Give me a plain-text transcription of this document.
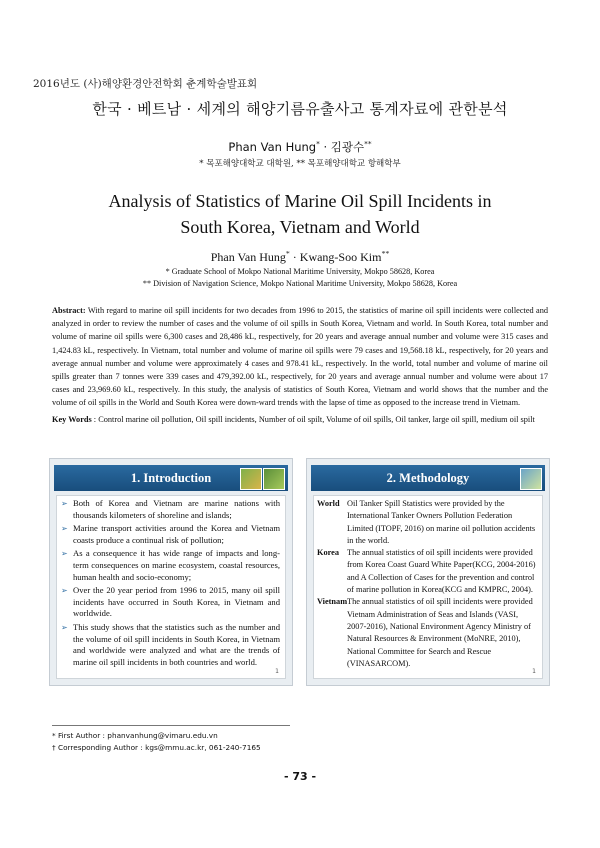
2016년도 (사)해양환경안전학회 춘계학술발표회
한국 · 베트남 · 세계의 해양기름유출사고 통계자료에 관한분석
Phan Van Hung* · 김광수**
* 목포해양대학교 대학원, ** 목포해양대학교 항해학부
Analysis of Statistics of Marine Oil Spill Incidents in
South Korea, Vietnam and World
Phan Van Hung* · Kwang-Soo Kim**
* Graduate School of Mokpo National Maritime University, Mokpo 58628, Korea
** Division of Navigation Science, Mokpo National Maritime University, Mokpo 58628, Korea
Abstract: With regard to marine oil spill incidents for two decades from 1996 to 2015, the statistics of marine oil spill incidents were collected and analyzed in order to review the number of cases and the volume of oil spills in South Korea, Vietnam and world. In South Korea, total number and volume of marine oil spills were 6,300 cases and 28,486 kL, respectively, for 20 years and average annual number and volume were 315 cases and 1,424.83 kL, respectively. In Vietnam, total number and volume of marine oil spills were 79 cases and 19,568.18 kL, respectively, for 20 years and average annual number and volume were approximately 4 cases and 978.41 kL, respectively. In the world, total number and volume of marine oil spills greater than 7 tonnes were 339 cases and 479,392.00 kL, respectively, for 20 years and average annual number and volume were about 17 cases and 23,969.60 kL, respectively. In this study, the analysis of statistics of South Korea, Vietnam and world shows that the number and the volume of oil spills in the World and South Korea were down-ward trends with the lapse of time as opposed to the increase trend in Vietnam.
Key Words : Control marine oil pollution, Oil spill incidents, Number of oil spilt, Volume of oil spills, Oil tanker, large oil spill, medium oil spilt
1. Introduction
➢ Both of Korea and Vietnam are marine nations with thousands kilometers of shoreline and islands;
➢ Marine transport activities around the Korea and Vietnam coasts produce a continual risk of pollution;
➢ As a consequence it has wide range of impacts and long-term consequences on marine ecosystem, coastal resources, human health and socio-economy;
➢ Over the 20 year period from 1996 to 2015, many oil spill incidents have occurred in South Korea, in Vietnam and worldwide.
➢ This study shows that the statistics such as the number and the volume of oil spill incidents in South Korea, in Vietnam and worldwide were analyzed and what are the trends of marine oil spill incidents in both countries and world.
1
2. Methodology
World Oil Tanker Spill Statistics were provided by the International Tanker Owners Pollution Federation Limited (ITOPF, 2016) on marine oil pollution accidents in the world.
Korea The annual statistics of oil spill incidents were provided from Korea Coast Guard White Paper(KCG, 2004-2016) and A Collection of Cases for the prevention and control of marine pollution in Korea(KCG and KMPRC, 2004).
Vietnam The annual statistics of oil spill incidents were provided Vietnam Administration of Seas and Islands (VASI, 2007-2016), National Environment Agency Ministry of Natural Resources & Environment (MoNRE, 2010), National Committee for Search and Rescue (VINASARCOM).
1
* First Author : phanvanhung@vimaru.edu.vn
† Corresponding Author : kgs@mmu.ac.kr, 061-240-7165
- 73 -
